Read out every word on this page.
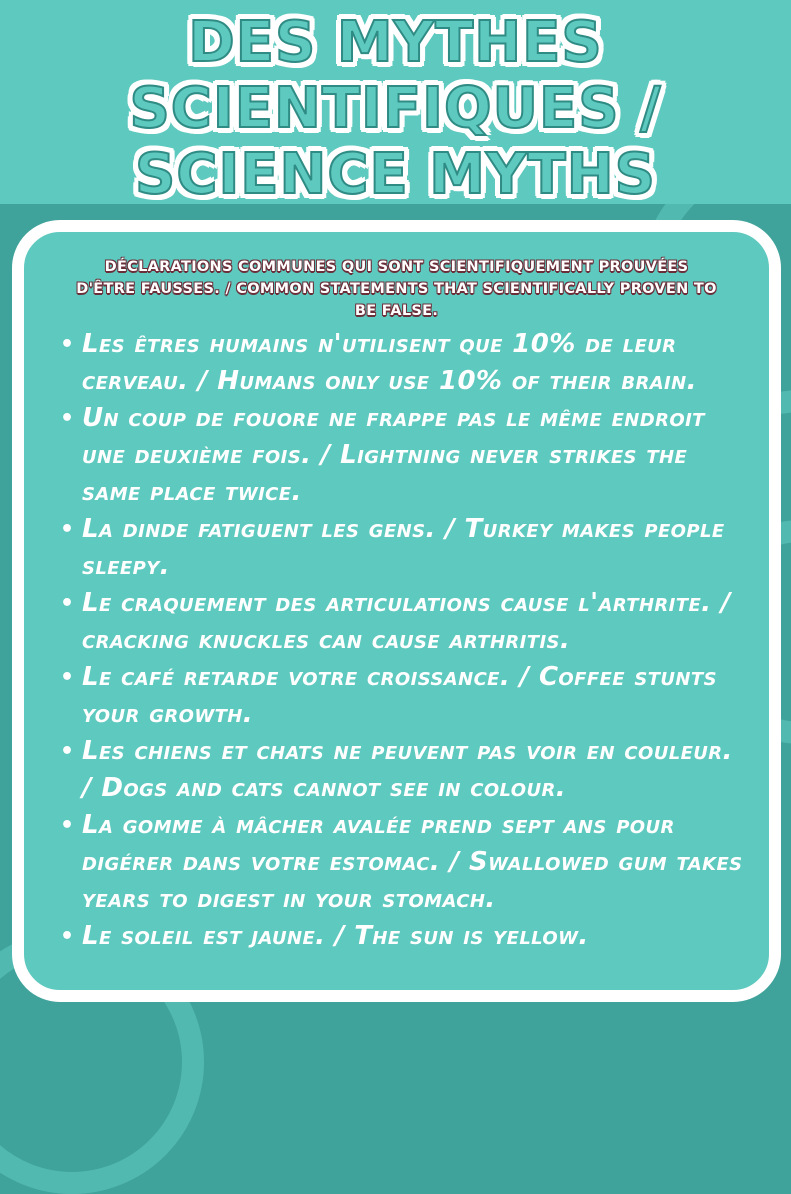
DES MYTHES
SCIENTIFIQUES /
SCIENCE MYTHS

DÉCLARATIONS COMMUNES QUI SONT SCIENTIFIQUEMENT PROUVÉES D'ÊTRE FAUSSES. / COMMON STATEMENTS THAT SCIENTIFICALLY PROVEN TO BE FALSE.

• Les êtres humains n'utilisent que 10% de leur cerveau. / Humans only use 10% of their brain.
• Un coup de fouore ne frappe pas le même endroit une deuxième fois. / Lightning never strikes the same place twice.
• La dinde fatiguent les gens. / Turkey makes people sleepy.
• Le craquement des articulations cause l'arthrite. / cracking knuckles can cause arthritis.
• Le café retarde votre croissance. / Coffee stunts your growth.
• Les chiens et chats ne peuvent pas voir en couleur. / Dogs and cats cannot see in colour.
• La gomme à mâcher avalée prend sept ans pour digérer dans votre estomac. / Swallowed gum takes years to digest in your stomach.
• Le soleil est jaune. / The sun is yellow.
